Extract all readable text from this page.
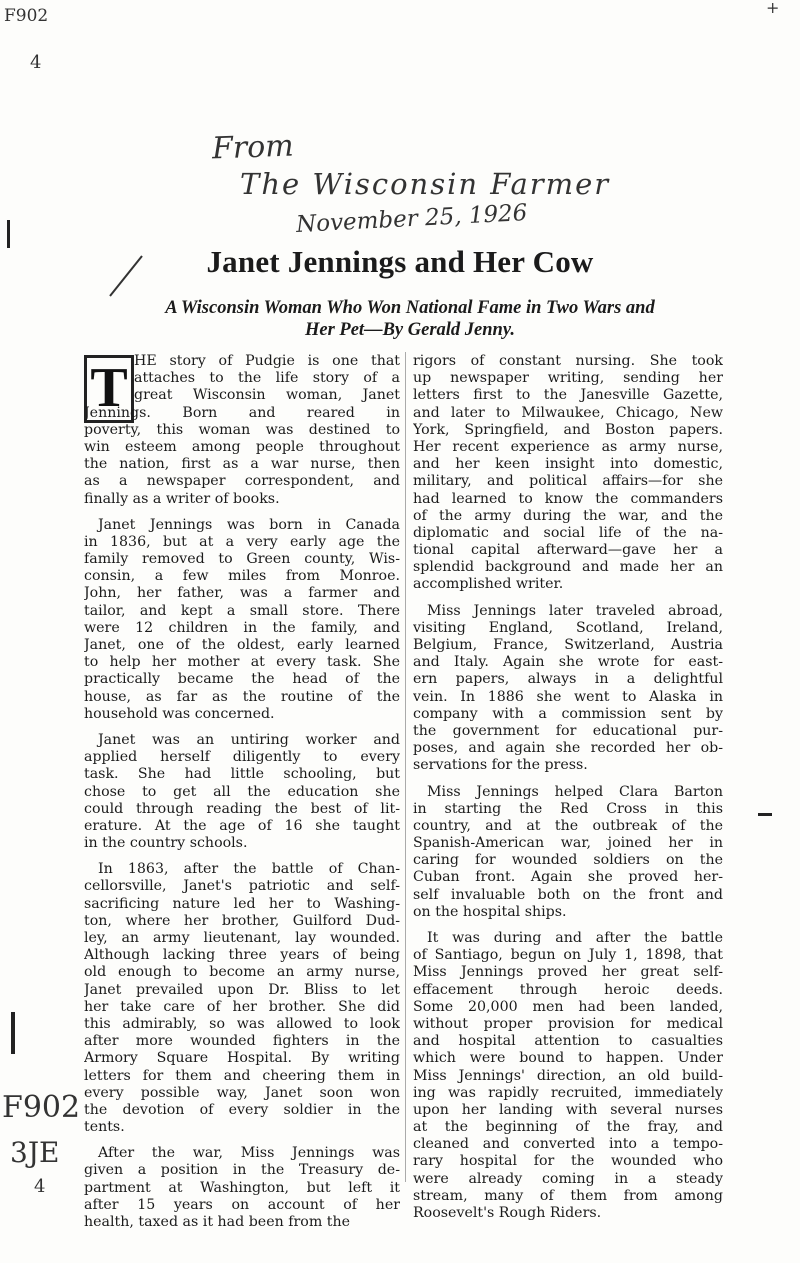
F902
4
+
From
The Wisconsin Farmer
November 25, 1926
F902
3JE
4
Janet Jennings and Her Cow
A Wisconsin Woman Who Won National Fame in Two Wars and
Her Pet—By Gerald Jenny.
T HE story of Pudgie is one that
attaches to the life story of a
great Wisconsin woman, Janet
Jennings. Born and reared in
poverty, this woman was destined to
win esteem among people throughout
the nation, first as a war nurse, then
as a newspaper correspondent, and
finally as a writer of books.
Janet Jennings was born in Canada
in 1836, but at a very early age the
family removed to Green county, Wis-
consin, a few miles from Monroe.
John, her father, was a farmer and
tailor, and kept a small store. There
were 12 children in the family, and
Janet, one of the oldest, early learned
to help her mother at every task. She
practically became the head of the
house, as far as the routine of the
household was concerned.
Janet was an untiring worker and
applied herself diligently to every
task. She had little schooling, but
chose to get all the education she
could through reading the best of lit-
erature. At the age of 16 she taught
in the country schools.
In 1863, after the battle of Chan-
cellorsville, Janet's patriotic and self-
sacrificing nature led her to Washing-
ton, where her brother, Guilford Dud-
ley, an army lieutenant, lay wounded.
Although lacking three years of being
old enough to become an army nurse,
Janet prevailed upon Dr. Bliss to let
her take care of her brother. She did
this admirably, so was allowed to look
after more wounded fighters in the
Armory Square Hospital. By writing
letters for them and cheering them in
every possible way, Janet soon won
the devotion of every soldier in the
tents.
After the war, Miss Jennings was
given a position in the Treasury de-
partment at Washington, but left it
after 15 years on account of her
health, taxed as it had been from the
rigors of constant nursing. She took
up newspaper writing, sending her
letters first to the Janesville Gazette,
and later to Milwaukee, Chicago, New
York, Springfield, and Boston papers.
Her recent experience as army nurse,
and her keen insight into domestic,
military, and political affairs—for she
had learned to know the commanders
of the army during the war, and the
diplomatic and social life of the na-
tional capital afterward—gave her a
splendid background and made her an
accomplished writer.
Miss Jennings later traveled abroad,
visiting England, Scotland, Ireland,
Belgium, France, Switzerland, Austria
and Italy. Again she wrote for east-
ern papers, always in a delightful
vein. In 1886 she went to Alaska in
company with a commission sent by
the government for educational pur-
poses, and again she recorded her ob-
servations for the press.
Miss Jennings helped Clara Barton
in starting the Red Cross in this
country, and at the outbreak of the
Spanish-American war, joined her in
caring for wounded soldiers on the
Cuban front. Again she proved her-
self invaluable both on the front and
on the hospital ships.
It was during and after the battle
of Santiago, begun on July 1, 1898, that
Miss Jennings proved her great self-
effacement through heroic deeds.
Some 20,000 men had been landed,
without proper provision for medical
and hospital attention to casualties
which were bound to happen. Under
Miss Jennings' direction, an old build-
ing was rapidly recruited, immediately
upon her landing with several nurses
at the beginning of the fray, and
cleaned and converted into a tempo-
rary hospital for the wounded who
were already coming in a steady
stream, many of them from among
Roosevelt's Rough Riders.
